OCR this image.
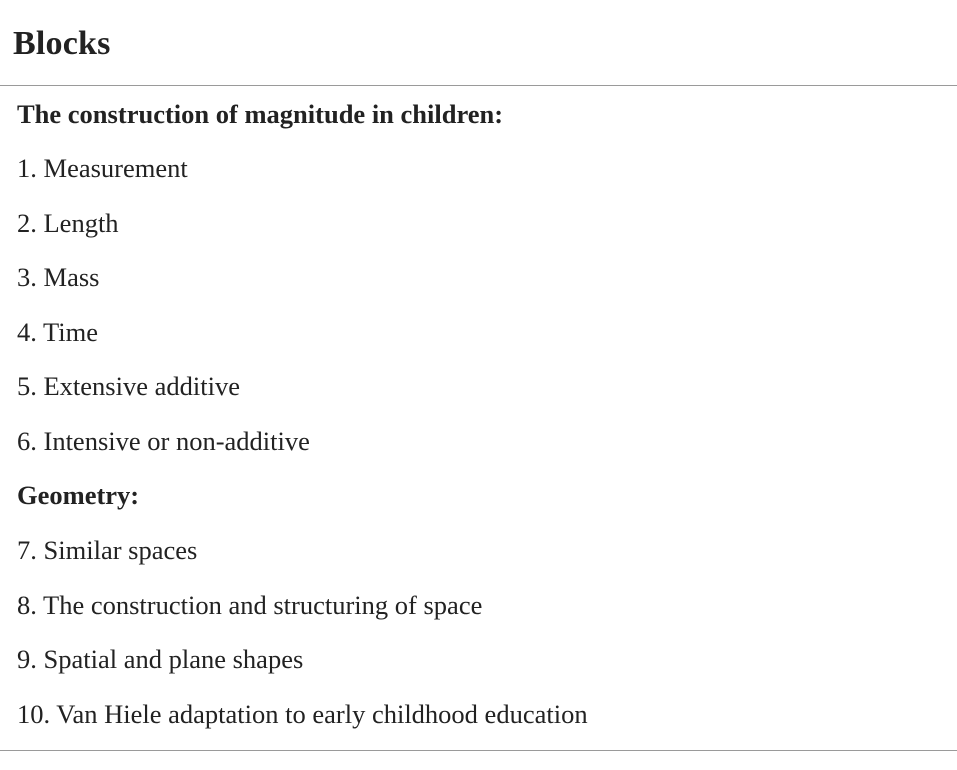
Blocks
The construction of magnitude in children:
1. Measurement
2. Length
3. Mass
4. Time
5. Extensive additive
6. Intensive or non-additive
Geometry:
7. Similar spaces
8. The construction and structuring of space
9. Spatial and plane shapes
10. Van Hiele adaptation to early childhood education
